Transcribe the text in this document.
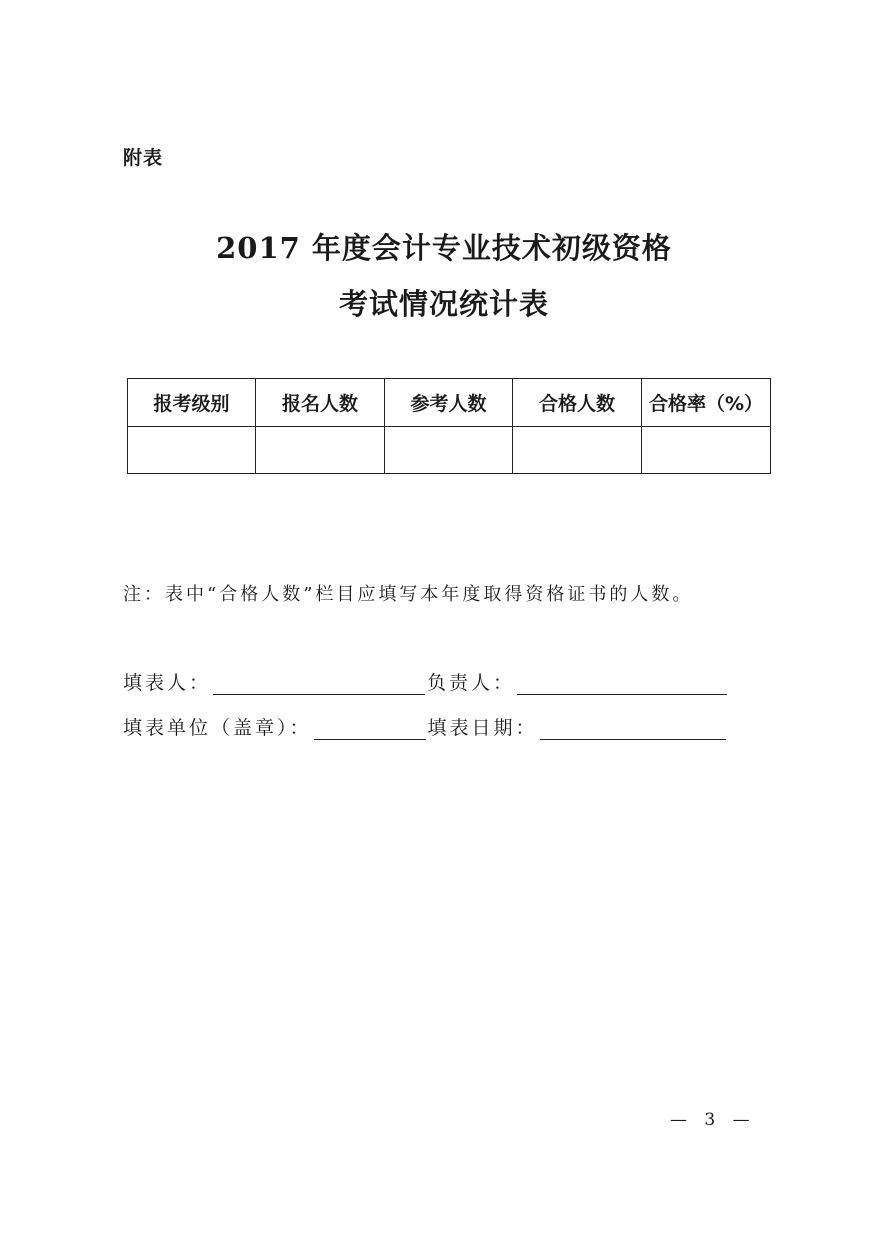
附表
2017 年度会计专业技术初级资格
考试情况统计表
报考级别	报名人数	参考人数	合格人数	合格率（%）

注：表中“合格人数”栏目应填写本年度取得资格证书的人数。
填表人：	负责人：
填表单位（盖章）：	填表日期：
— 3 —
